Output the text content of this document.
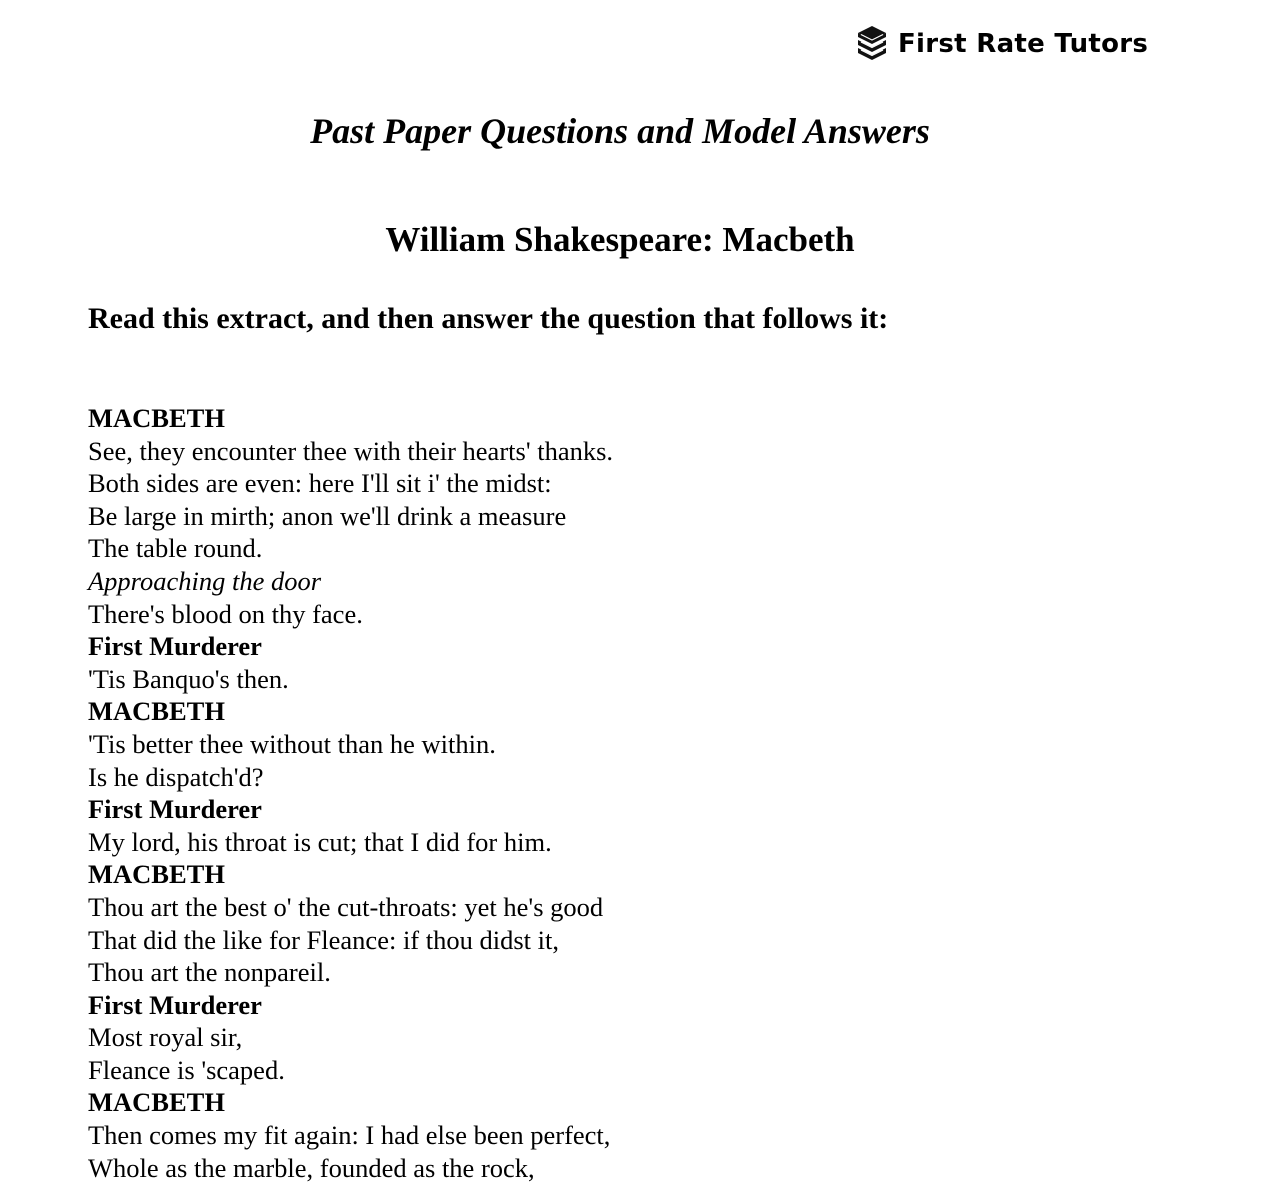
First Rate Tutors
Past Paper Questions and Model Answers
William Shakespeare: Macbeth

Read this extract, and then answer the question that follows it:

MACBETH
See, they encounter thee with their hearts' thanks.
Both sides are even: here I'll sit i' the midst:
Be large in mirth; anon we'll drink a measure
The table round.
Approaching the door
There's blood on thy face.
First Murderer
'Tis Banquo's then.
MACBETH
'Tis better thee without than he within.
Is he dispatch'd?
First Murderer
My lord, his throat is cut; that I did for him.
MACBETH
Thou art the best o' the cut-throats: yet he's good
That did the like for Fleance: if thou didst it,
Thou art the nonpareil.
First Murderer
Most royal sir,
Fleance is 'scaped.
MACBETH
Then comes my fit again: I had else been perfect,
Whole as the marble, founded as the rock,
